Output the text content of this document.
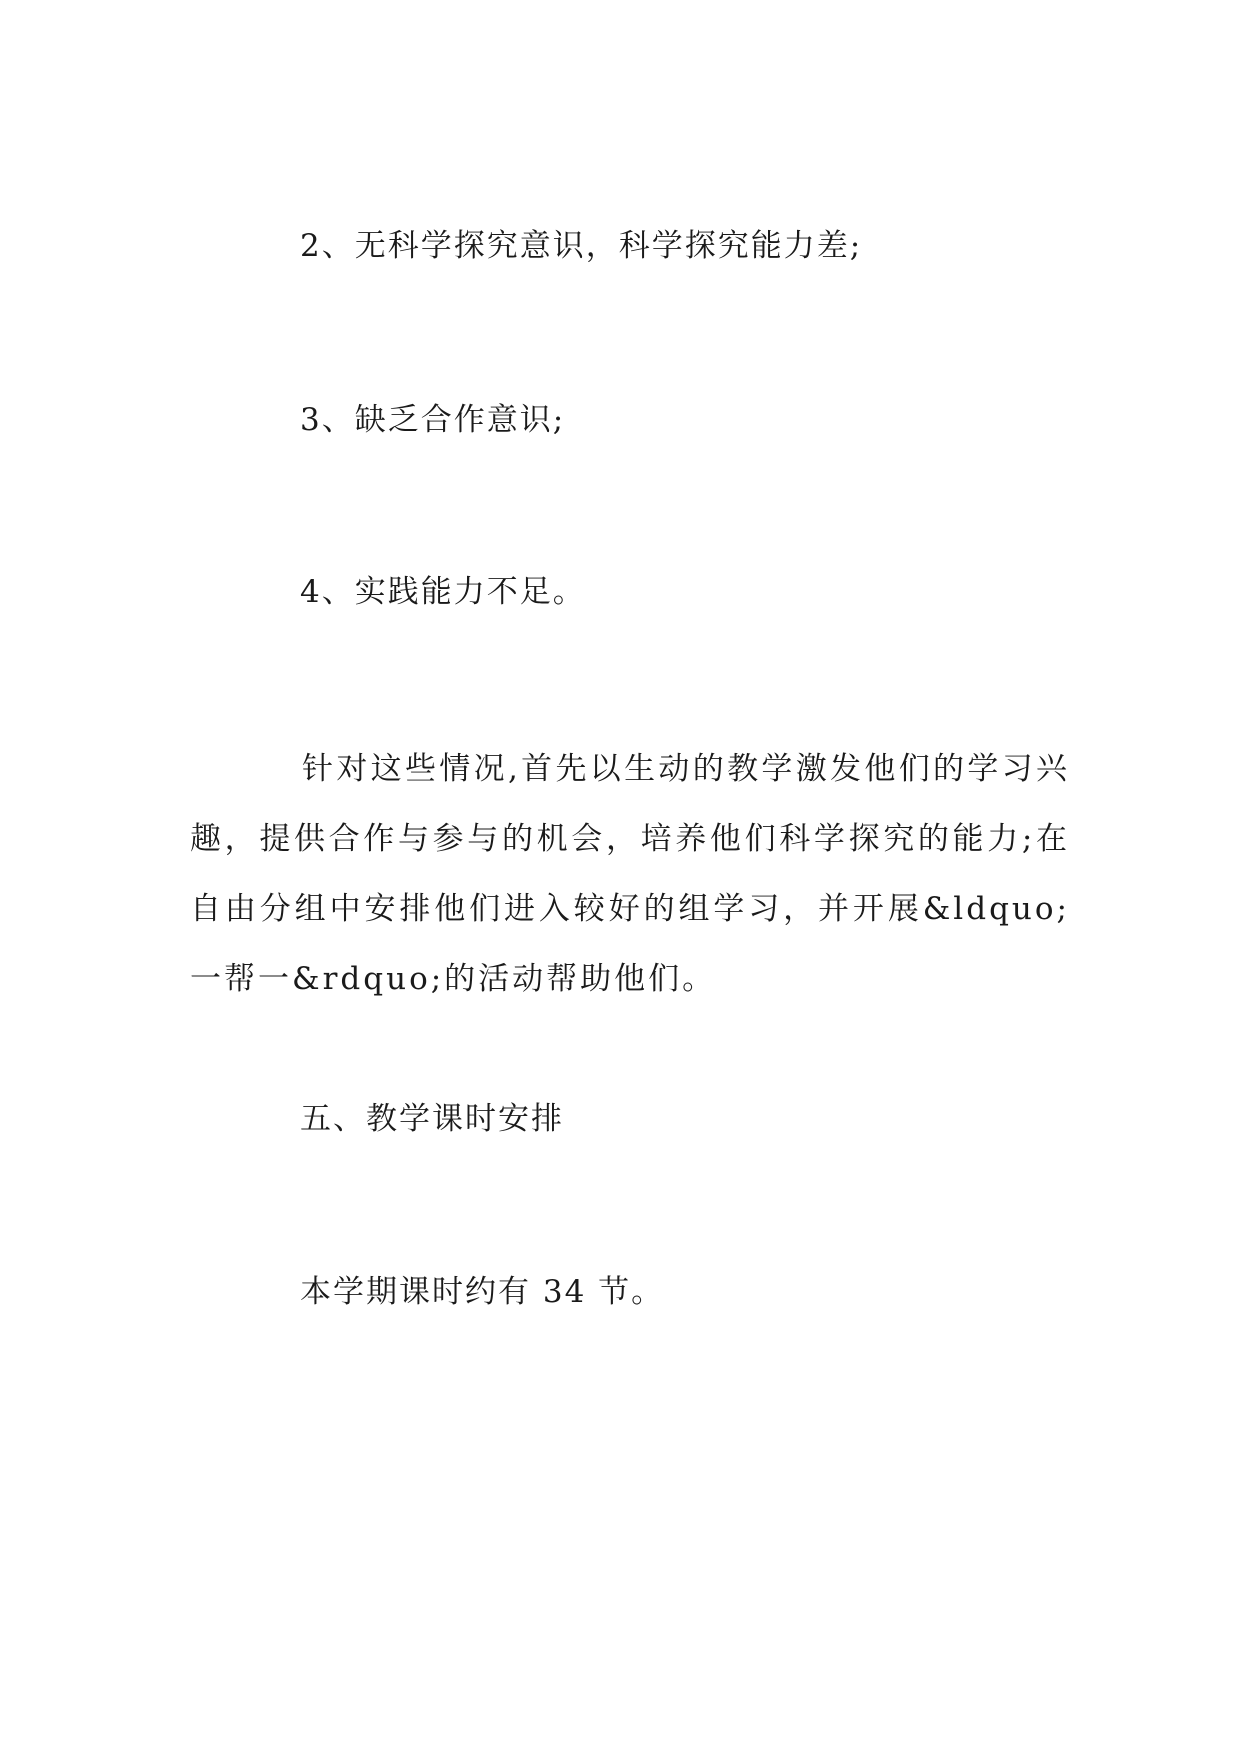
2、无科学探究意识，科学探究能力差;
3、缺乏合作意识;
4、实践能力不足。
针对这些情况,首先以生动的教学激发他们的学习兴趣，提供合作与参与的机会，培养他们科学探究的能力;在自由分组中安排他们进入较好的组学习，并开展&ldquo;一帮一&rdquo;的活动帮助他们。
五、教学课时安排
本学期课时约有 34 节。
